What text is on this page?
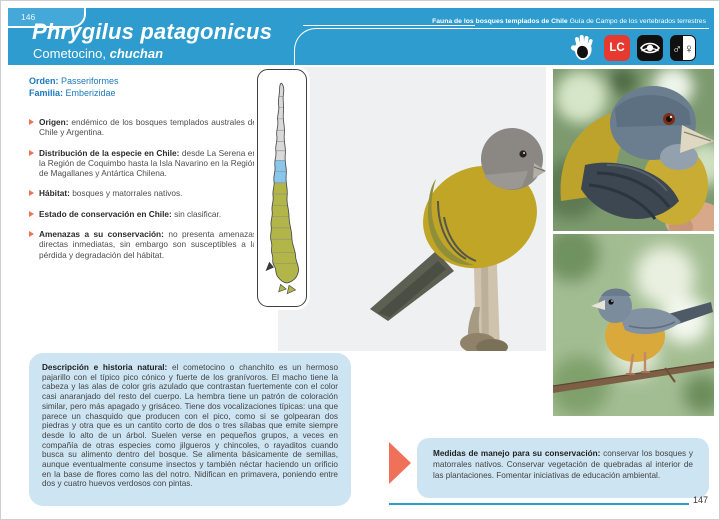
146
Phrygilus patagonicus
Cometocino, chuchan
Fauna de los bosques templados de Chile Guía de Campo de los vertebrados terrestres
LC	♂ ♀
Orden: Passeriformes
Familia: Emberizidae
Origen: endémico de los bosques templados australes de Chile y Argentina.
Distribución de la especie en Chile: desde La Serena en la Región de Coquimbo hasta la Isla Navarino en la Región de Magallanes y Antártica Chilena.
Hábitat: bosques y matorrales nativos.
Estado de conservación en Chile: sin clasificar.
Amenazas a su conservación: no presenta amenazas directas inmediatas, sin embargo son susceptibles a la pérdida y degradación del hábitat.
Descripción e historia natural: el cometocino o chanchito es un hermoso pajarillo con el típico pico cónico y fuerte de los granívoros. El macho tiene la cabeza y las alas de color gris azulado que contrastan fuertemente con el color casi anaranjado del resto del cuerpo. La hembra tiene un patrón de coloración similar, pero más apagado y grisáceo. Tiene dos vocalizaciones típicas: una que parece un chasquido que producen con el pico, como si se golpearan dos piedras y otra que es un cantito corto de dos o tres sílabas que emite siempre desde lo alto de un árbol. Suelen verse en pequeños grupos, a veces en compañía de otras especies como jilgueros y chincoles, o rayaditos cuando busca su alimento dentro del bosque. Se alimenta básicamente de semillas, aunque eventualmente consume insectos y también néctar haciendo un orificio en la base de flores como las del notro. Nidifican en primavera, poniendo entre dos y cuatro huevos verdosos con pintas.
Medidas de manejo para su conservación: conservar los bosques y matorrales nativos. Conservar vegetación de quebradas al interior de las plantaciones. Fomentar iniciativas de educación ambiental.
147
